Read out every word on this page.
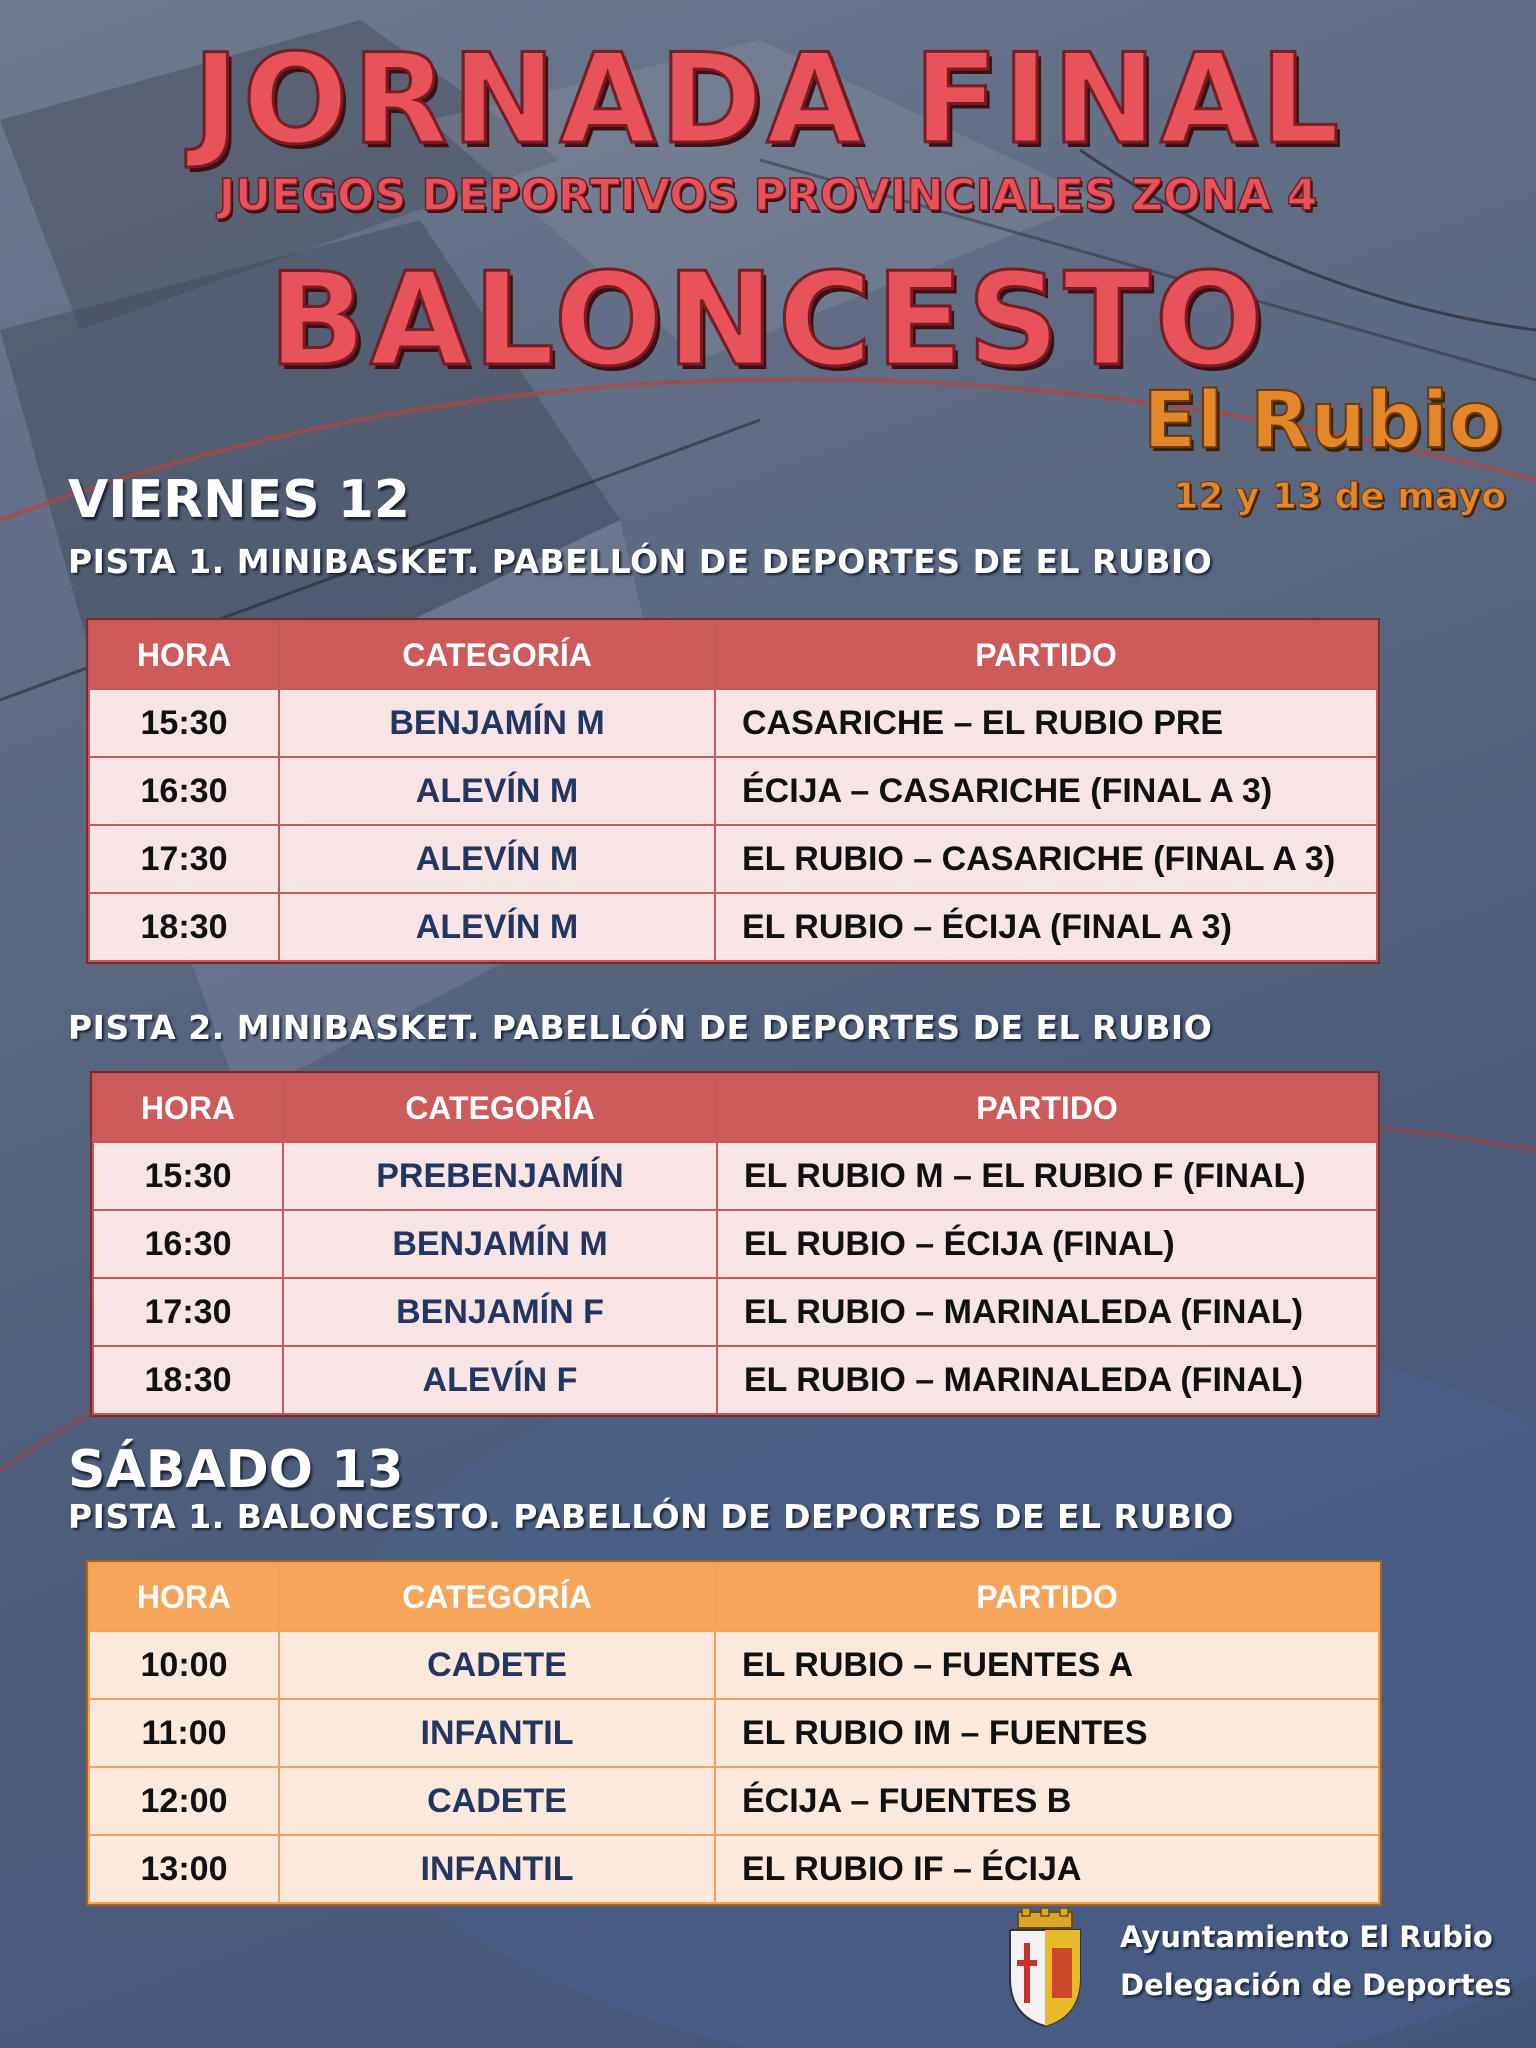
JORNADA FINAL
JUEGOS DEPORTIVOS PROVINCIALES ZONA 4
BALONCESTO
El Rubio
12 y 13 de mayo
VIERNES 12
PISTA 1. MINIBASKET. PABELLÓN DE DEPORTES DE EL RUBIO
HORA	CATEGORÍA	PARTIDO
15:30	BENJAMÍN M	CASARICHE – EL RUBIO PRE
16:30	ALEVÍN M	ÉCIJA – CASARICHE (FINAL A 3)
17:30	ALEVÍN M	EL RUBIO – CASARICHE (FINAL A 3)
18:30	ALEVÍN M	EL RUBIO – ÉCIJA (FINAL A 3)
PISTA 2. MINIBASKET. PABELLÓN DE DEPORTES DE EL RUBIO
HORA	CATEGORÍA	PARTIDO
15:30	PREBENJAMÍN	EL RUBIO M – EL RUBIO F (FINAL)
16:30	BENJAMÍN M	EL RUBIO – ÉCIJA (FINAL)
17:30	BENJAMÍN F	EL RUBIO – MARINALEDA (FINAL)
18:30	ALEVÍN F	EL RUBIO – MARINALEDA (FINAL)
SÁBADO 13
PISTA 1. BALONCESTO. PABELLÓN DE DEPORTES DE EL RUBIO
HORA	CATEGORÍA	PARTIDO
10:00	CADETE	EL RUBIO – FUENTES A
11:00	INFANTIL	EL RUBIO IM – FUENTES
12:00	CADETE	ÉCIJA – FUENTES B
13:00	INFANTIL	EL RUBIO IF – ÉCIJA
Ayuntamiento El Rubio
Delegación de Deportes
